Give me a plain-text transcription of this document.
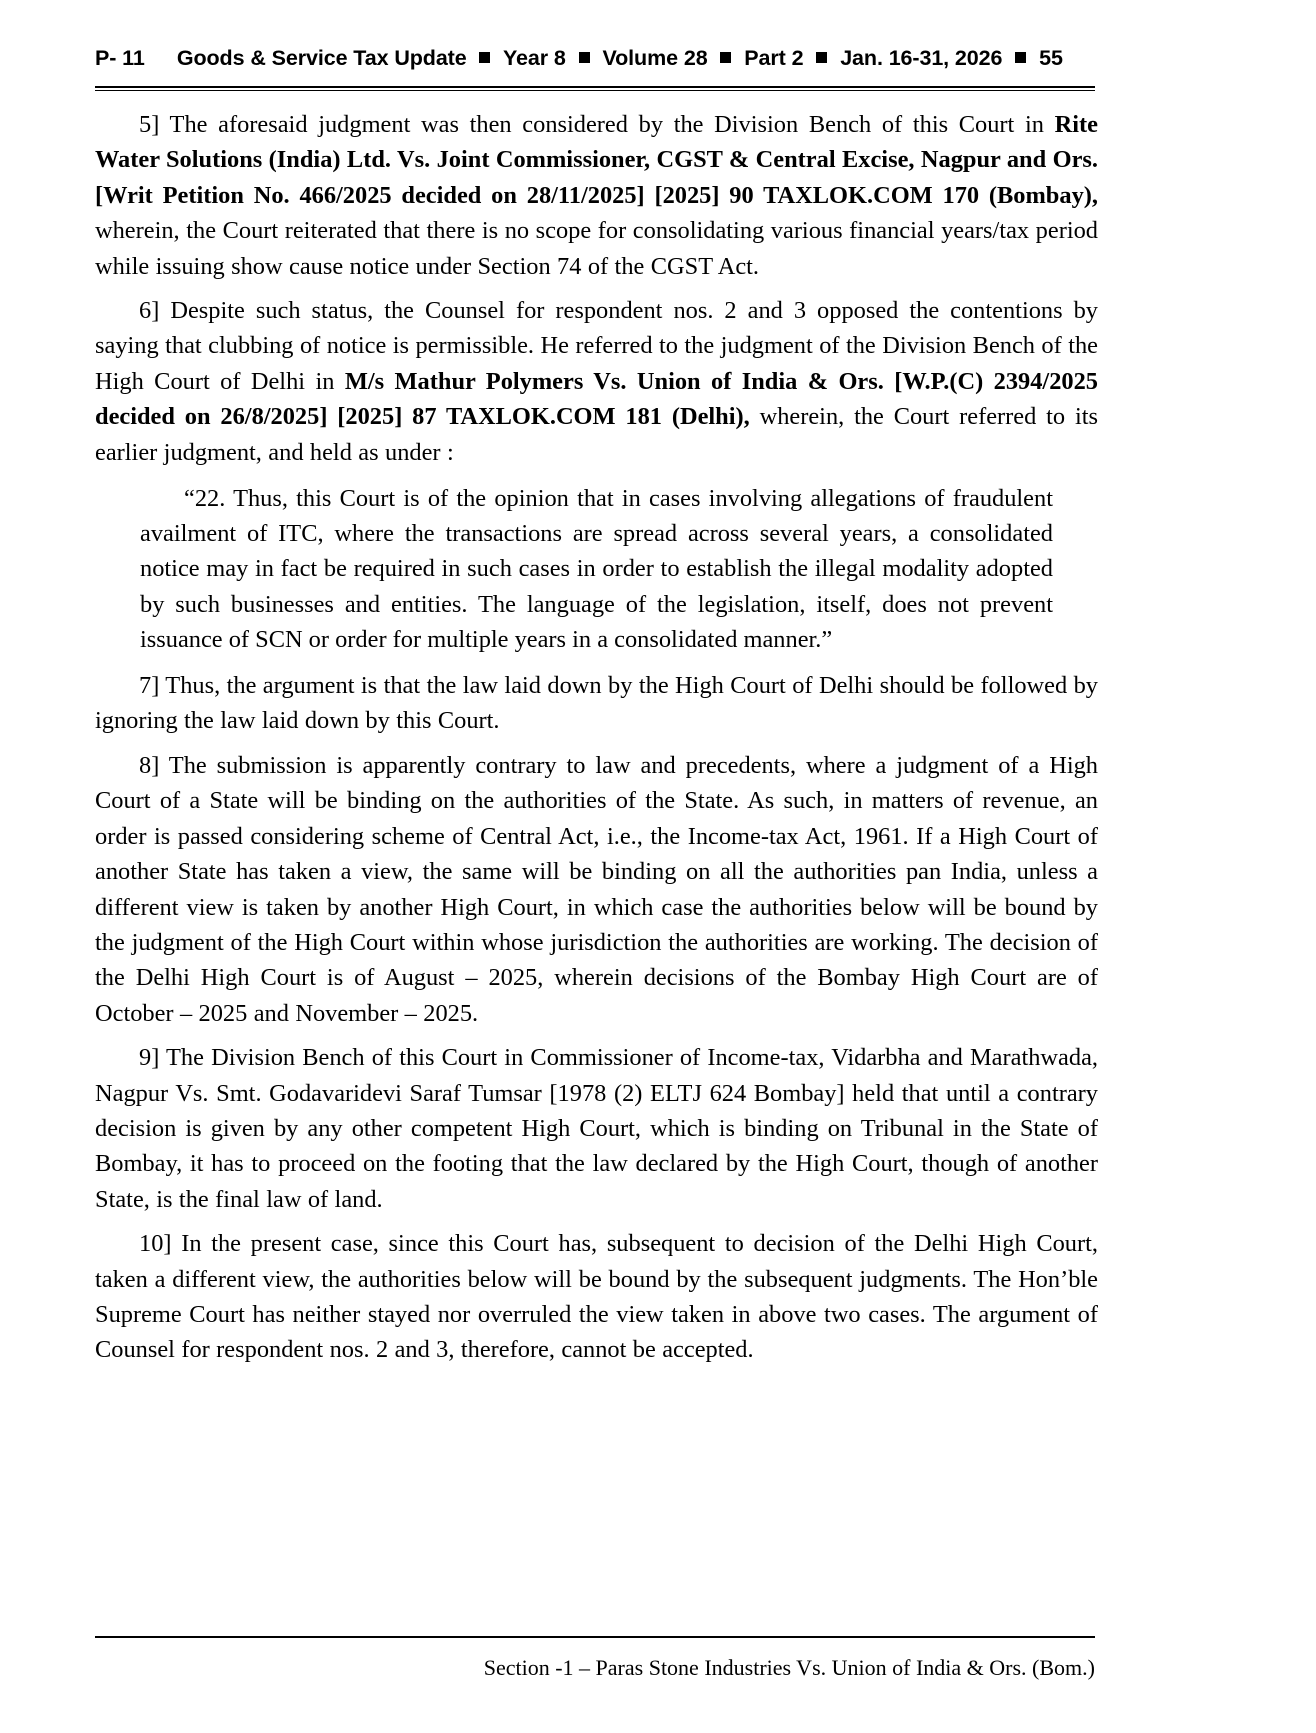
P- 11	Goods & Service Tax Update Year 8 Volume 28 Part 2 Jan. 16-31, 2026 55

5] The aforesaid judgment was then considered by the Division Bench of this Court in Rite Water Solutions (India) Ltd. Vs. Joint Commissioner, CGST & Central Excise, Nagpur and Ors. [Writ Petition No. 466/2025 decided on 28/11/2025] [2025] 90 TAXLOK.COM 170 (Bombay), wherein, the Court reiterated that there is no scope for consolidating various financial years/tax period while issuing show cause notice under Section 74 of the CGST Act.

6] Despite such status, the Counsel for respondent nos. 2 and 3 opposed the contentions by saying that clubbing of notice is permissible. He referred to the judgment of the Division Bench of the High Court of Delhi in M/s Mathur Polymers Vs. Union of India & Ors. [W.P.(C) 2394/2025 decided on 26/8/2025] [2025] 87 TAXLOK.COM 181 (Delhi), wherein, the Court referred to its earlier judgment, and held as under :

“22. Thus, this Court is of the opinion that in cases involving allegations of fraudulent availment of ITC, where the transactions are spread across several years, a consolidated notice may in fact be required in such cases in order to establish the illegal modality adopted by such businesses and entities. The language of the legislation, itself, does not prevent issuance of SCN or order for multiple years in a consolidated manner.”

7] Thus, the argument is that the law laid down by the High Court of Delhi should be followed by ignoring the law laid down by this Court.

8] The submission is apparently contrary to law and precedents, where a judgment of a High Court of a State will be binding on the authorities of the State. As such, in matters of revenue, an order is passed considering scheme of Central Act, i.e., the Income-tax Act, 1961. If a High Court of another State has taken a view, the same will be binding on all the authorities pan India, unless a different view is taken by another High Court, in which case the authorities below will be bound by the judgment of the High Court within whose jurisdiction the authorities are working. The decision of the Delhi High Court is of August – 2025, wherein decisions of the Bombay High Court are of October – 2025 and November – 2025.

9] The Division Bench of this Court in Commissioner of Income-tax, Vidarbha and Marathwada, Nagpur Vs. Smt. Godavaridevi Saraf Tumsar [1978 (2) ELTJ 624 Bombay] held that until a contrary decision is given by any other competent High Court, which is binding on Tribunal in the State of Bombay, it has to proceed on the footing that the law declared by the High Court, though of another State, is the final law of land.

10] In the present case, since this Court has, subsequent to decision of the Delhi High Court, taken a different view, the authorities below will be bound by the subsequent judgments. The Hon’ble Supreme Court has neither stayed nor overruled the view taken in above two cases. The argument of Counsel for respondent nos. 2 and 3, therefore, cannot be accepted.

Section -1 – Paras Stone Industries Vs. Union of India & Ors. (Bom.)
